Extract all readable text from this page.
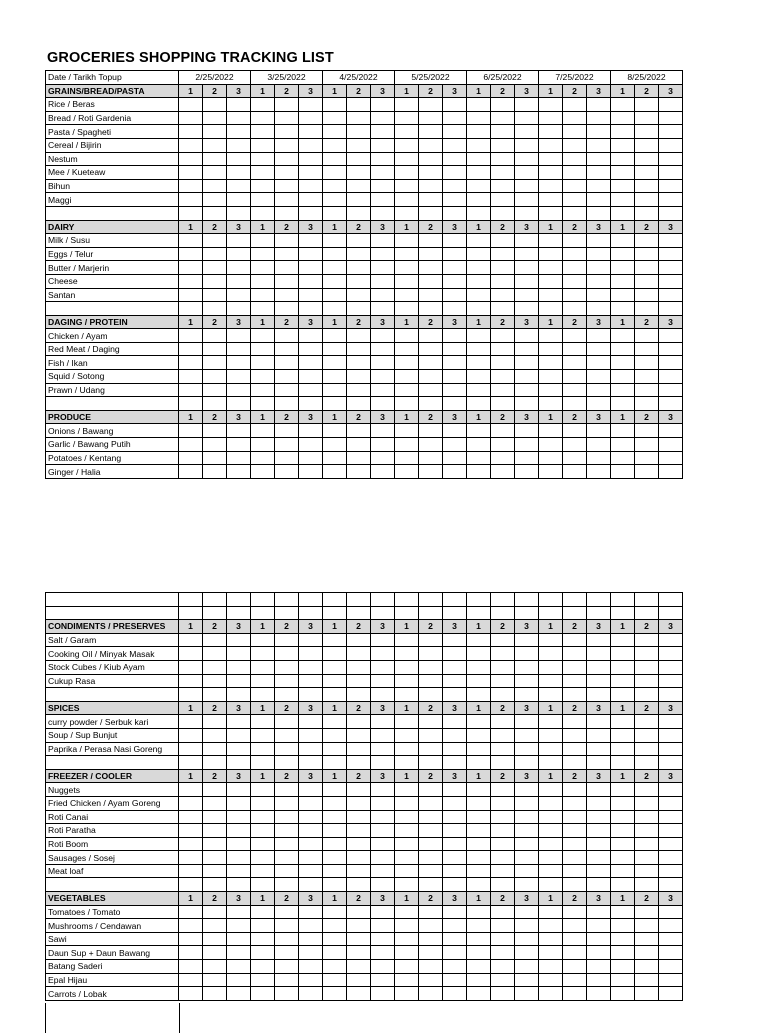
GROCERIES SHOPPING TRACKING LIST
Date / Tarikh Topup	2/25/2022			3/25/2022			4/25/2022			5/25/2022			6/25/2022			7/25/2022			8/25/2022		
GRAINS/BREAD/PASTA	1	2	3	1	2	3	1	2	3	1	2	3	1	2	3	1	2	3	1	2	3
Rice / Beras																					
Bread / Roti Gardenia																					
Pasta / Spagheti																					
Cereal / Bijirin																					
Nestum																					
Mee / Kueteaw																					
Bihun																					
Maggi																					

DAIRY	1	2	3	1	2	3	1	2	3	1	2	3	1	2	3	1	2	3	1	2	3
Milk / Susu																					
Eggs / Telur																					
Butter / Marjerin																					
Cheese																					
Santan																					

DAGING / PROTEIN	1	2	3	1	2	3	1	2	3	1	2	3	1	2	3	1	2	3	1	2	3
Chicken / Ayam																					
Red Meat / Daging																					
Fish / Ikan																					
Squid / Sotong																					
Prawn / Udang																					

PRODUCE	1	2	3	1	2	3	1	2	3	1	2	3	1	2	3	1	2	3	1	2	3
Onions / Bawang																					
Garlic / Bawang Putih																					
Potatoes / Kentang																					
Ginger / Halia																					

CONDIMENTS / PRESERVES	1	2	3	1	2	3	1	2	3	1	2	3	1	2	3	1	2	3	1	2	3
Salt / Garam																					
Cooking Oil / Minyak Masak																					
Stock Cubes / Kiub Ayam																					
Cukup Rasa																					

SPICES	1	2	3	1	2	3	1	2	3	1	2	3	1	2	3	1	2	3	1	2	3
curry powder / Serbuk kari																					
Soup / Sup Bunjut																					
Paprika / Perasa Nasi Goreng																					

FREEZER / COOLER	1	2	3	1	2	3	1	2	3	1	2	3	1	2	3	1	2	3	1	2	3
Nuggets																					
Fried Chicken / Ayam Goreng																					
Roti Canai																					
Roti Paratha																					
Roti Boom																					
Sausages / Sosej																					
Meat loaf																					

VEGETABLES	1	2	3	1	2	3	1	2	3	1	2	3	1	2	3	1	2	3	1	2	3
Tomatoes / Tomato																					
Mushrooms / Cendawan																					
Sawi																					
Daun Sup + Daun Bawang																					
Batang Saderi																					
Epal Hijau																					
Carrots / Lobak																					
